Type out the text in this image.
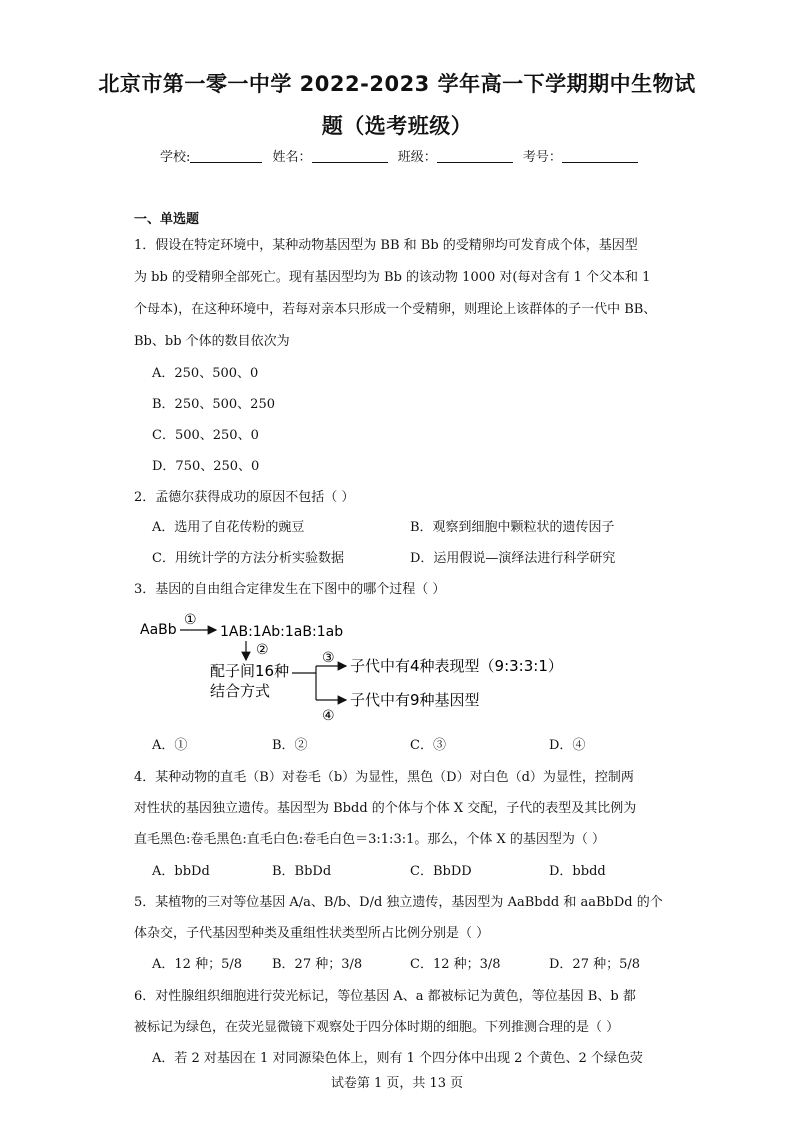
北京市第一零一中学 2022-2023 学年高一下学期期中生物试
题（选考班级）
学校:	姓名：	班级：	考号：
一、单选题
1．假设在特定环境中，某种动物基因型为 BB 和 Bb 的受精卵均可发育成个体，基因型
为 bb 的受精卵全部死亡。现有基因型均为 Bb 的该动物 1000 对(每对含有 1 个父本和 1
个母本)，在这种环境中，若每对亲本只形成一个受精卵，则理论上该群体的子一代中 BB、
Bb、bb 个体的数目依次为
A．250、500、0
B．250、500、250
C．500、250、0
D．750、250、0
2．孟德尔获得成功的原因不包括（ ）
A．选用了自花传粉的豌豆	B．观察到细胞中颗粒状的遗传因子
C．用统计学的方法分析实验数据	D．运用假说—演绎法进行科学研究
3．基因的自由组合定律发生在下图中的哪个过程（ ）
AaBb
①
1AB:1Ab:1aB:1ab
②
配子间16种
结合方式
③ 子代中有4种表现型（9:3:3:1）
④
子代中有9种基因型
A．①	B．②	C．③	D．④
4．某种动物的直毛（B）对卷毛（b）为显性，黑色（D）对白色（d）为显性，控制两
对性状的基因独立遗传。基因型为 Bbdd 的个体与个体 X 交配，子代的表型及其比例为
直毛黑色:卷毛黑色:直毛白色:卷毛白色＝3:1:3:1。那么，个体 X 的基因型为（ ）
A．bbDd	B．BbDd	C．BbDD	D．bbdd
5．某植物的三对等位基因 A/a、B/b、D/d 独立遗传，基因型为 AaBbdd 和 aaBbDd 的个
体杂交，子代基因型种类及重组性状类型所占比例分别是（ ）
A．12 种；5/8 B．27 种；3/8	C．12 种；3/8	D．27 种；5/8
6．对性腺组织细胞进行荧光标记，等位基因 A、a 都被标记为黄色，等位基因 B、b 都
被标记为绿色，在荧光显微镜下观察处于四分体时期的细胞。下列推测合理的是（ ）
A．若 2 对基因在 1 对同源染色体上，则有 1 个四分体中出现 2 个黄色、2 个绿色荧
试卷第 1 页，共 13 页
